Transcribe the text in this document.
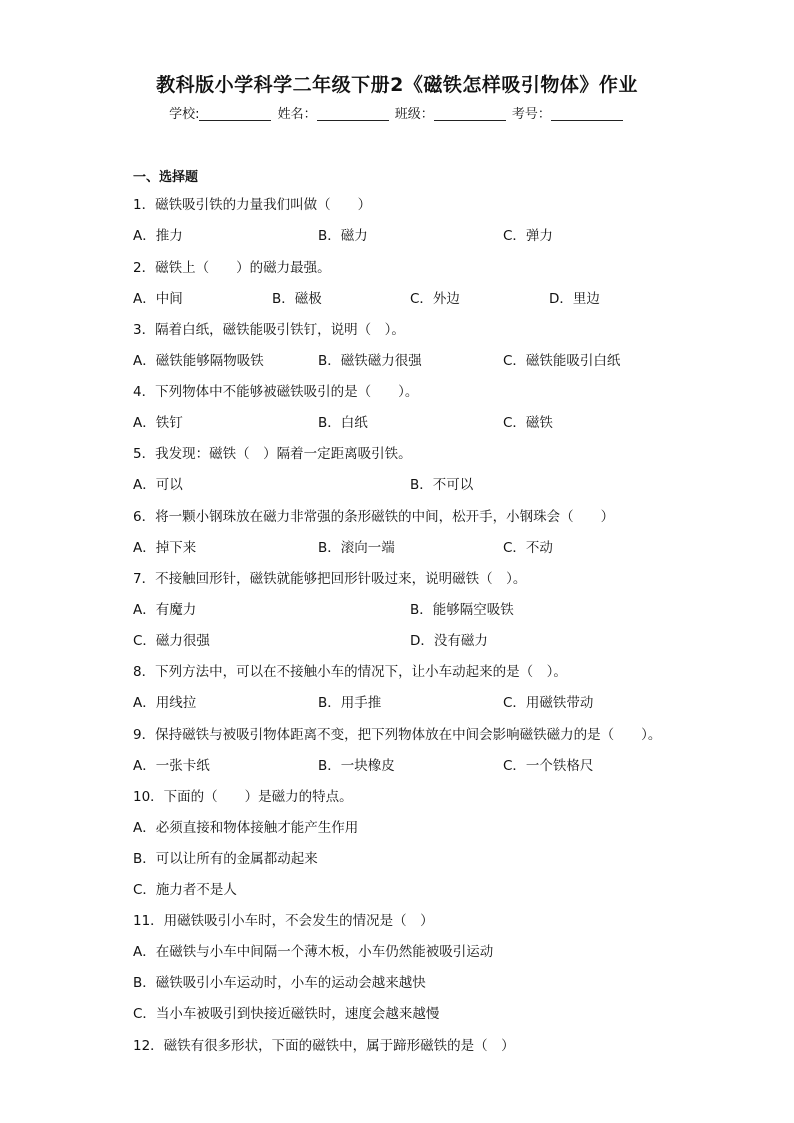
教科版小学科学二年级下册2《磁铁怎样吸引物体》作业
学校:	姓名：	班级：	考号：
一、选择题
1．磁铁吸引铁的力量我们叫做（　　）
A．推力	B．磁力	C．弹力
2．磁铁上（　　）的磁力最强。
A．中间	B．磁极	C．外边	D．里边
3．隔着白纸，磁铁能吸引铁钉，说明（　）。
A．磁铁能够隔物吸铁	B．磁铁磁力很强	C．磁铁能吸引白纸
4．下列物体中不能够被磁铁吸引的是（　　）。
A．铁钉	B．白纸	C．磁铁
5．我发现：磁铁（　）隔着一定距离吸引铁。
A．可以	B．不可以
6．将一颗小钢珠放在磁力非常强的条形磁铁的中间，松开手，小钢珠会（　　）
A．掉下来	B．滚向一端	C．不动
7．不接触回形针，磁铁就能够把回形针吸过来，说明磁铁（　）。
A．有魔力	B．能够隔空吸铁
C．磁力很强	D．没有磁力
8．下列方法中，可以在不接触小车的情况下，让小车动起来的是（　）。
A．用线拉	B．用手推	C．用磁铁带动
9．保持磁铁与被吸引物体距离不变，把下列物体放在中间会影响磁铁磁力的是（　　）。
A．一张卡纸	B．一块橡皮	C．一个铁格尺
10．下面的（　　）是磁力的特点。
A．必须直接和物体接触才能产生作用
B．可以让所有的金属都动起来
C．施力者不是人
11．用磁铁吸引小车时，不会发生的情况是（　）
A．在磁铁与小车中间隔一个薄木板，小车仍然能被吸引运动
B．磁铁吸引小车运动时，小车的运动会越来越快
C．当小车被吸引到快接近磁铁时，速度会越来越慢
12．磁铁有很多形状，下面的磁铁中，属于蹄形磁铁的是（　）
